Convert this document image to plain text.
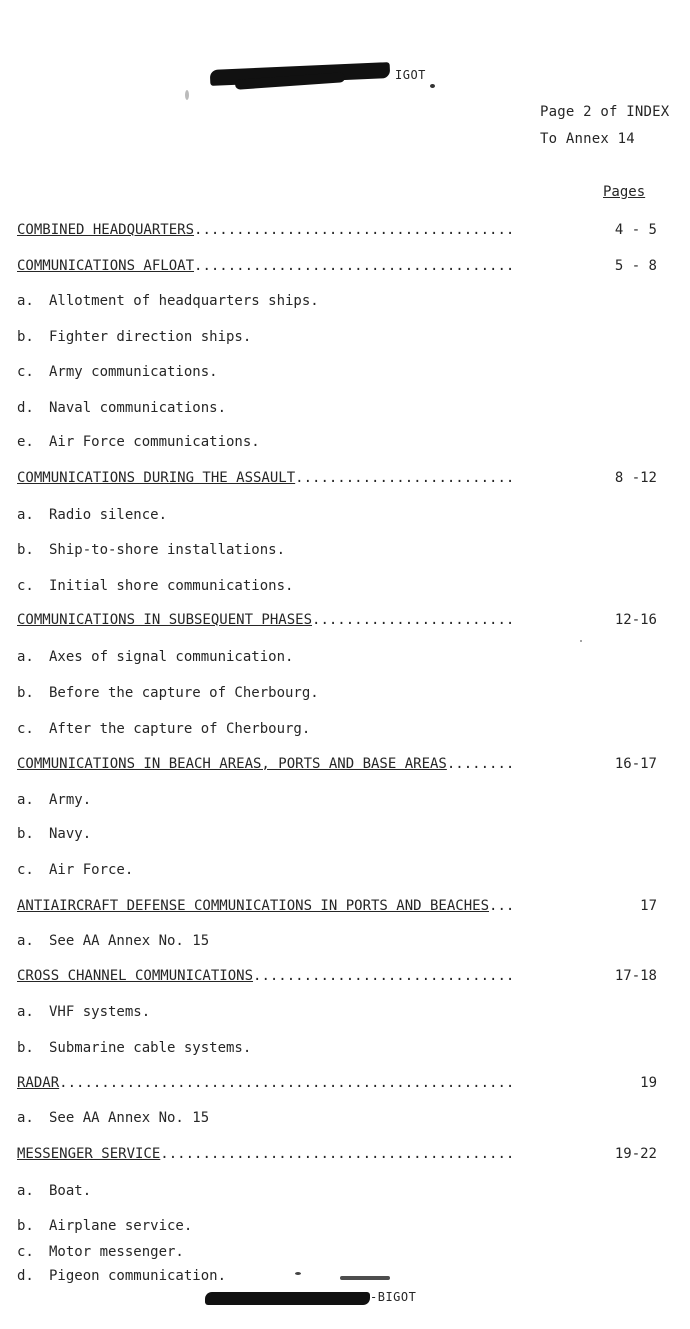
IGOT
Page 2 of INDEX
To Annex 14
Pages
COMBINED HEADQUARTERS......................................	4 - 5
COMMUNICATIONS AFLOAT......................................	5 - 8
a. Allotment of headquarters ships.
b. Fighter direction ships.
c. Army communications.
d. Naval communications.
e. Air Force communications.
COMMUNICATIONS DURING THE ASSAULT..........................	8 -12
a. Radio silence.
b. Ship-to-shore installations.
c. Initial shore communications.
COMMUNICATIONS IN SUBSEQUENT PHASES........................	12-16
a. Axes of signal communication.
b. Before the capture of Cherbourg.
c. After the capture of Cherbourg.
COMMUNICATIONS IN BEACH AREAS, PORTS AND BASE AREAS........	16-17
a. Army.
b. Navy.
c. Air Force.
ANTIAIRCRAFT DEFENSE COMMUNICATIONS IN PORTS AND BEACHES...	17
a. See AA Annex No. 15
CROSS CHANNEL COMMUNICATIONS...............................	17-18
a. VHF systems.
b. Submarine cable systems.
RADAR......................................................	19
a. See AA Annex No. 15
MESSENGER SERVICE..........................................	19-22
a. Boat.
b. Airplane service.
c. Motor messenger.
d. Pigeon communication.
-BIGOT
